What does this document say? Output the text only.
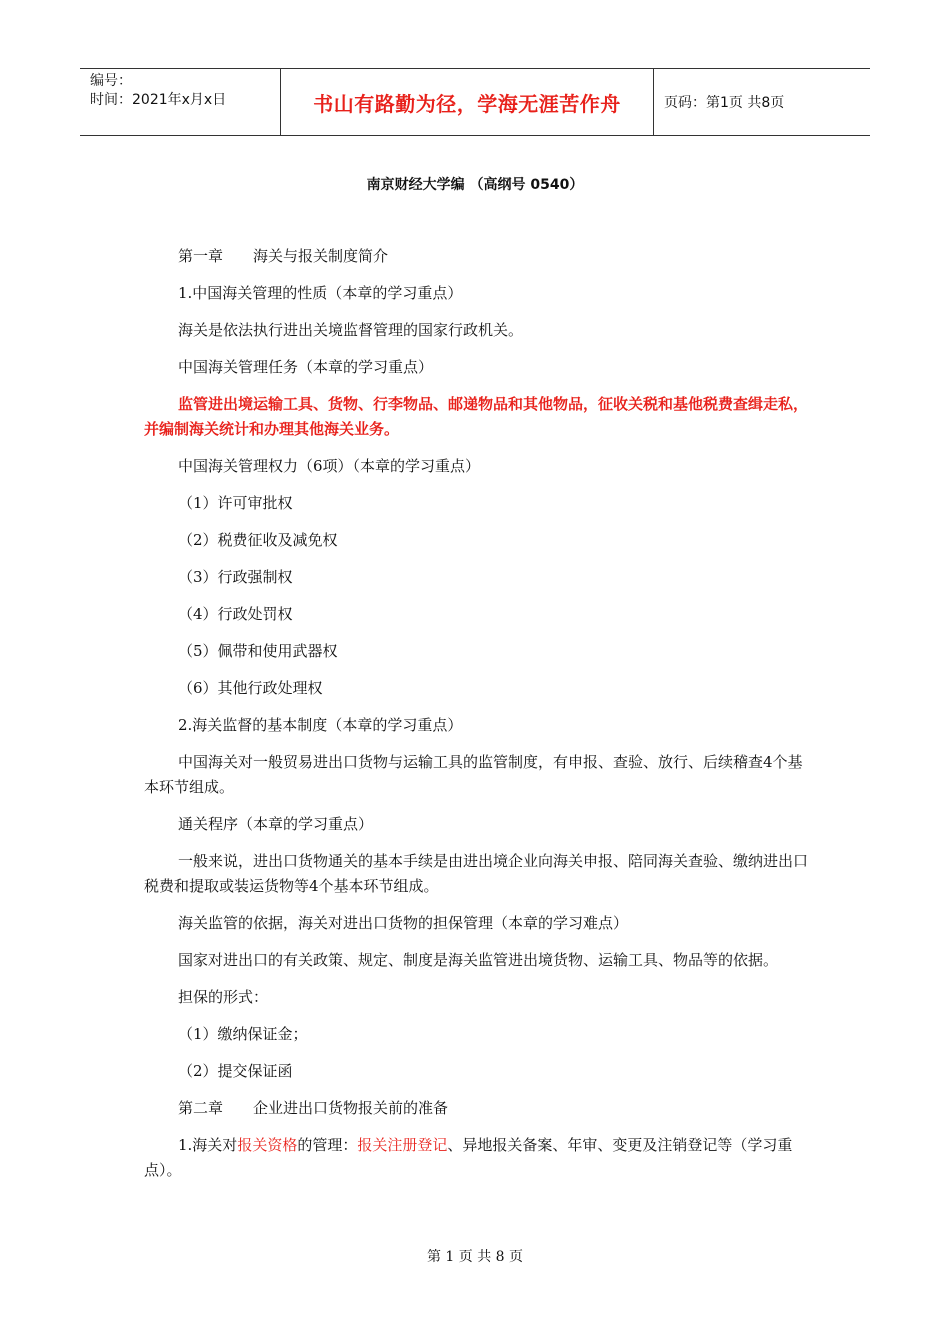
编号：
时间：2021年x月x日	书山有路勤为径，学海无涯苦作舟	页码：第1页 共8页
南京财经大学编 （高纲号 0540）

第一章 海关与报关制度简介

1.中国海关管理的性质（本章的学习重点）

海关是依法执行进出关境监督管理的国家行政机关。

中国海关管理任务（本章的学习重点）

监管进出境运输工具、货物、行李物品、邮递物品和其他物品，征收关税和基他税费查缉走私，并编制海关统计和办理其他海关业务。

中国海关管理权力（6项）（本章的学习重点）

（1）许可审批权

（2）税费征收及减免权

（3）行政强制权

（4）行政处罚权

（5）佩带和使用武器权

（6）其他行政处理权

2.海关监督的基本制度（本章的学习重点）

中国海关对一般贸易进出口货物与运输工具的监管制度，有申报、查验、放行、后续稽查4个基本环节组成。

通关程序（本章的学习重点）

一般来说，进出口货物通关的基本手续是由进出境企业向海关申报、陪同海关查验、缴纳进出口税费和提取或装运货物等4个基本环节组成。

海关监管的依据，海关对进出口货物的担保管理（本章的学习难点）

国家对进出口的有关政策、规定、制度是海关监管进出境货物、运输工具、物品等的依据。

担保的形式：

（1）缴纳保证金；

（2）提交保证函

第二章 企业进出口货物报关前的准备

1.海关对报关资格的管理：报关注册登记、异地报关备案、年审、变更及注销登记等（学习重点）。

第 1 页 共 8 页
